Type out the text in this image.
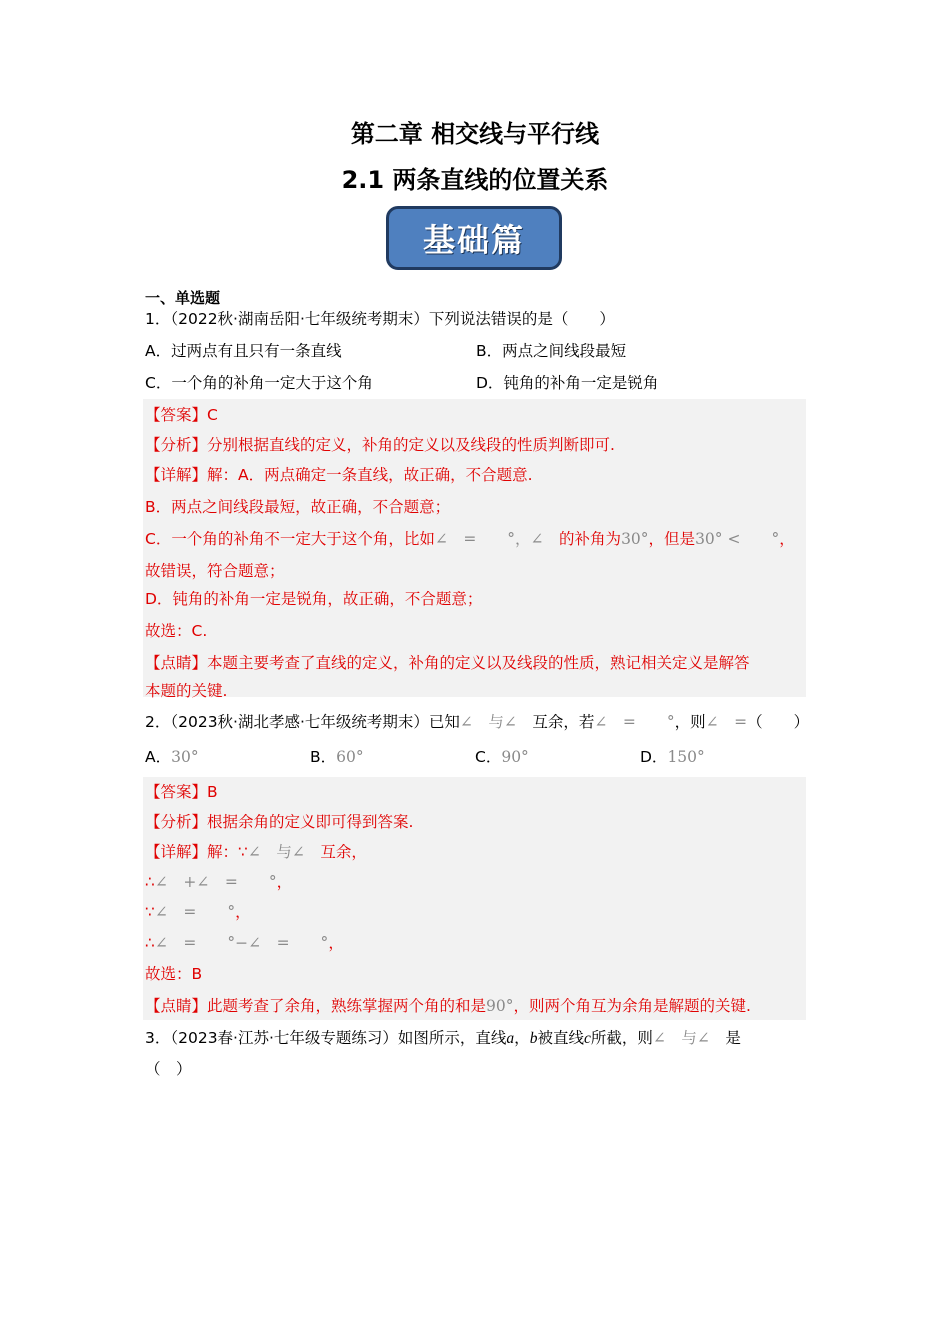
第二章 相交线与平行线
2.1 两条直线的位置关系
基础篇
一、单选题
1．（2022秋·湖南岳阳·七年级统考期末）下列说法错误的是（　　）
A．过两点有且只有一条直线	B．两点之间线段最短
C．一个角的补角一定大于这个角	D．钝角的补角一定是锐角
【答案】C
【分析】分别根据直线的定义，补角的定义以及线段的性质判断即可.
【详解】解：A．两点确定一条直线，故正确，不合题意.
B．两点之间线段最短，故正确，不合题意；
C．一个角的补角不一定大于这个角，比如∠　=　　°，∠　的补角为30°，但是30° <　　°，
故错误，符合题意；
D．钝角的补角一定是锐角，故正确，不合题意；
故选：C.
【点睛】本题主要考查了直线的定义，补角的定义以及线段的性质，熟记相关定义是解答
本题的关键.
2．（2023秋·湖北孝感·七年级统考期末）已知∠　与∠　互余，若∠　=　　°，则∠　=（　　）
A．30°	B．60°	C．90°	D．150°
【答案】B
【分析】根据余角的定义即可得到答案.
【详解】解：∵∠　与∠　互余，
∴∠　+∠　=　　°，
∵∠　=　　°，
∴∠　=　　°−∠　=　　°，
故选：B
【点睛】此题考查了余角，熟练掌握两个角的和是90°，则两个角互为余角是解题的关键.
3．（2023春·江苏·七年级专题练习）如图所示，直线a，b被直线c所截，则∠　与∠　是
（　）
